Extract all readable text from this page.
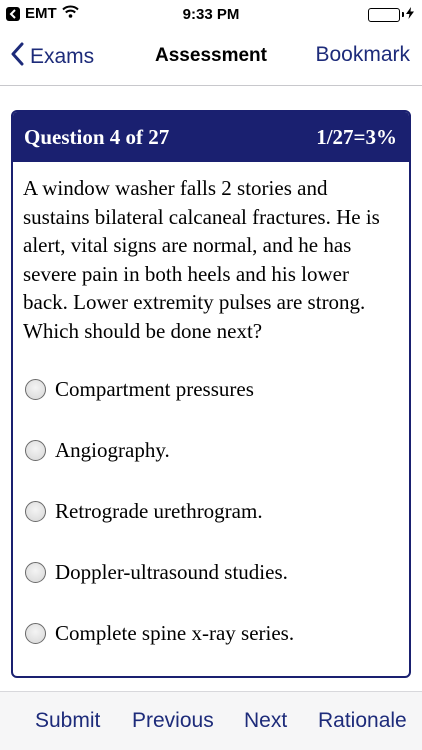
EMT	9:33 PM
Exams	Assessment	Bookmark
Question 4 of 27	1/27=3%
A window washer falls 2 stories and sustains bilateral calcaneal fractures. He is alert, vital signs are normal, and he has severe pain in both heels and his lower back. Lower extremity pulses are strong. Which should be done next?
Compartment pressures
Angiography.
Retrograde urethrogram.
Doppler-ultrasound studies.
Complete spine x-ray series.
Submit Previous Next Rationale
